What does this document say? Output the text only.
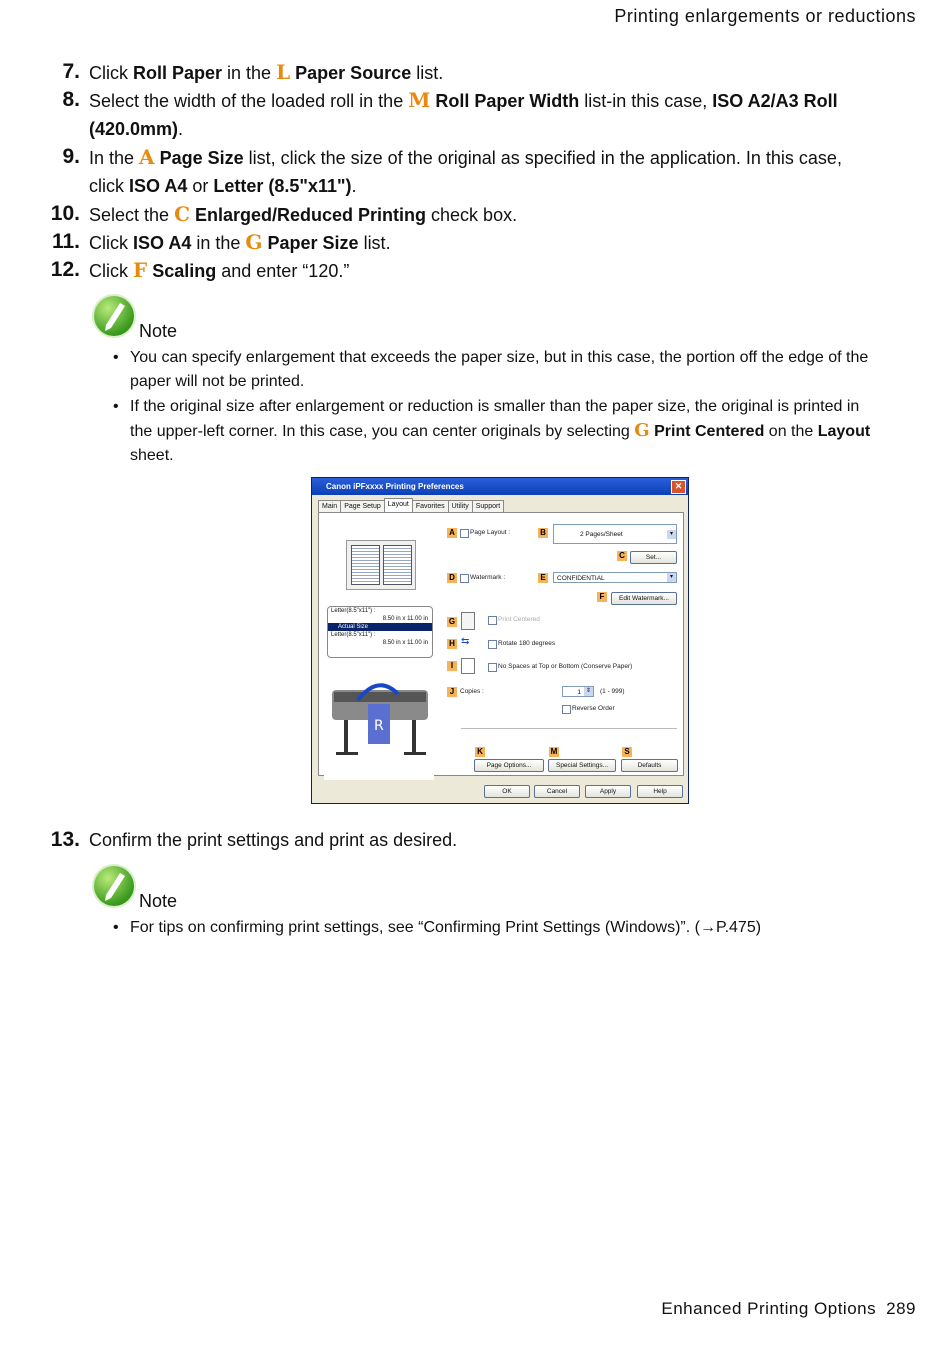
Printing enlargements or reductions
7. Click Roll Paper in the L Paper Source list.
8. Select the width of the loaded roll in the M Roll Paper Width list-in this case, ISO A2/A3 Roll (420.0mm).
9. In the A Page Size list, click the size of the original as specified in the application. In this case, click ISO A4 or Letter (8.5"x11").
10. Select the C Enlarged/Reduced Printing check box.
11. Click ISO A4 in the G Paper Size list.
12. Click F Scaling and enter “120.”
Note
• You can specify enlargement that exceeds the paper size, but in this case, the portion off the edge of the paper will not be printed.
• If the original size after enlargement or reduction is smaller than the paper size, the original is printed in the upper-left corner. In this case, you can center originals by selecting G Print Centered on the Layout sheet.
Canon iPFxxxx Printing Preferences	✕
Main Page Setup Layout Favorites Utility Support
Letter(8.5"x11") :
8.50 in x 11.00 in
Actual Size
Letter(8.5"x11") :
8.50 in x 11.00 in
R
A	Page Layout :	B	2 Pages/Sheet	▾
C	Set...
D	Watermark :	E	CONFIDENTIAL	▾
F	Edit Watermark...
G	Print Centered
H ⇆	Rotate 180 degrees
I	No Spaces at Top or Bottom (Conserve Paper)
J Copies :	1 ⇕	(1 - 999)
Reverse Order
K	M	S
Page Options...	Special Settings...	Defaults
OK	Cancel	Apply	Help
13. Confirm the print settings and print as desired.
Note
• For tips on confirming print settings, see “Confirming Print Settings (Windows)”. (→P.475)
Enhanced Printing Options 289
